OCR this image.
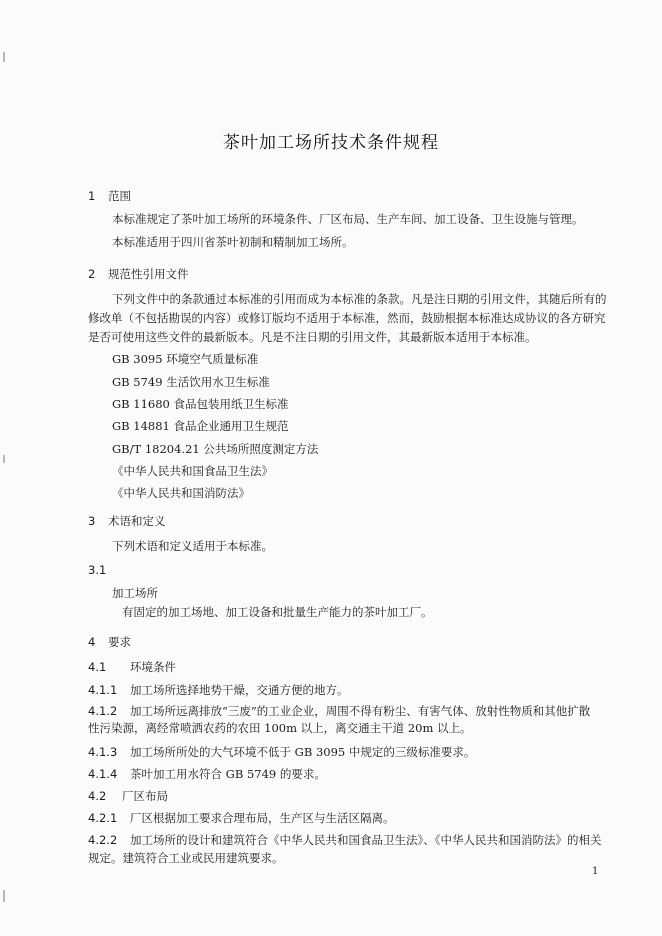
茶叶加工场所技术条件规程
1 范围
本标准规定了茶叶加工场所的环境条件、厂区布局、生产车间、加工设备、卫生设施与管理。
本标准适用于四川省茶叶初制和精制加工场所。
2 规范性引用文件
下列文件中的条款通过本标准的引用而成为本标准的条款。凡是注日期的引用文件，其随后所有的
修改单（不包括勘误的内容）或修订版均不适用于本标准，然而，鼓励根据本标准达成协议的各方研究
是否可使用这些文件的最新版本。凡是不注日期的引用文件，其最新版本适用于本标准。
GB 3095 环境空气质量标准
GB 5749 生活饮用水卫生标准
GB 11680 食品包装用纸卫生标准
GB 14881 食品企业通用卫生规范
GB/T 18204.21 公共场所照度测定方法
《中华人民共和国食品卫生法》
《中华人民共和国消防法》
3 术语和定义
下列术语和定义适用于本标准。
3.1
加工场所
有固定的加工场地、加工设备和批量生产能力的茶叶加工厂。
4 要求
4.1 环境条件
4.1.1 加工场所选择地势干燥，交通方便的地方。
4.1.2 加工场所远离排放“三废”的工业企业，周围不得有粉尘、有害气体、放射性物质和其他扩散
性污染源，离经常喷洒农药的农田 100m 以上，离交通主干道 20m 以上。
4.1.3 加工场所所处的大气环境不低于 GB 3095 中规定的三级标准要求。
4.1.4 茶叶加工用水符合 GB 5749 的要求。
4.2 厂区布局
4.2.1 厂区根据加工要求合理布局，生产区与生活区隔离。
4.2.2 加工场所的设计和建筑符合《中华人民共和国食品卫生法》、《中华人民共和国消防法》的相关
规定。建筑符合工业或民用建筑要求。
1
